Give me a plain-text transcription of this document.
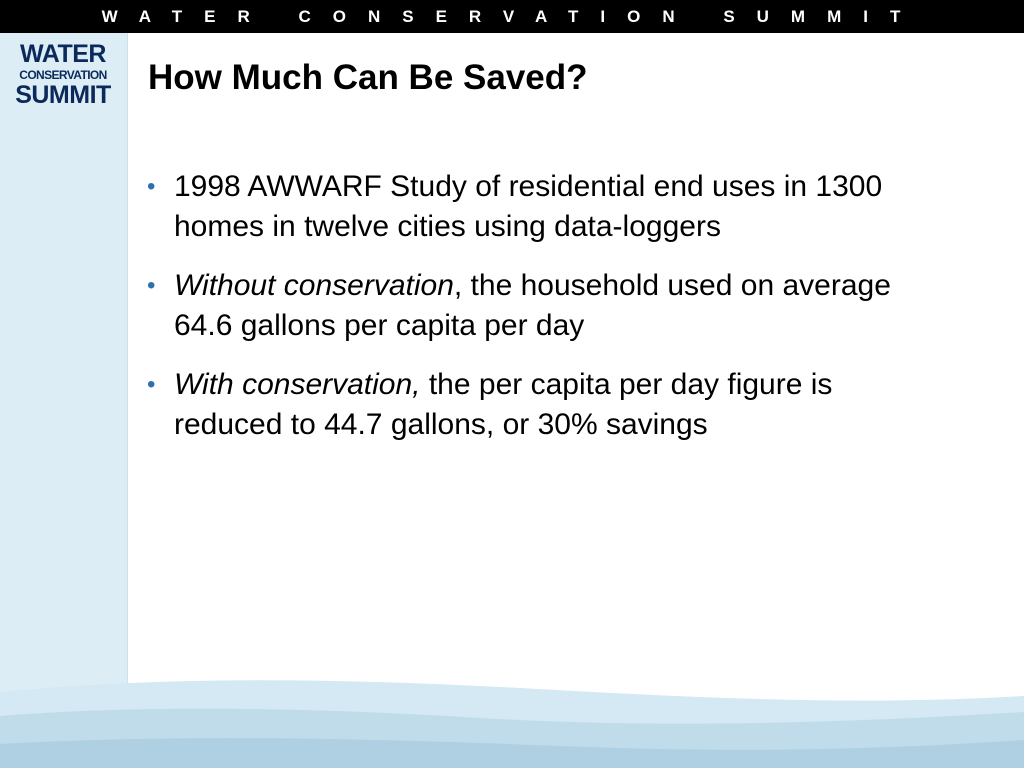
WATER CONSERVATION SUMMIT
WATER
CONSERVATION
SUMMIT How Much Can Be Saved?
• 1998 AWWARF Study of residential end uses in 1300 homes in twelve cities using data-loggers
• Without conservation, the household used on average 64.6 gallons per capita per day
• With conservation, the per capita per day figure is reduced to 44.7 gallons, or 30% savings
